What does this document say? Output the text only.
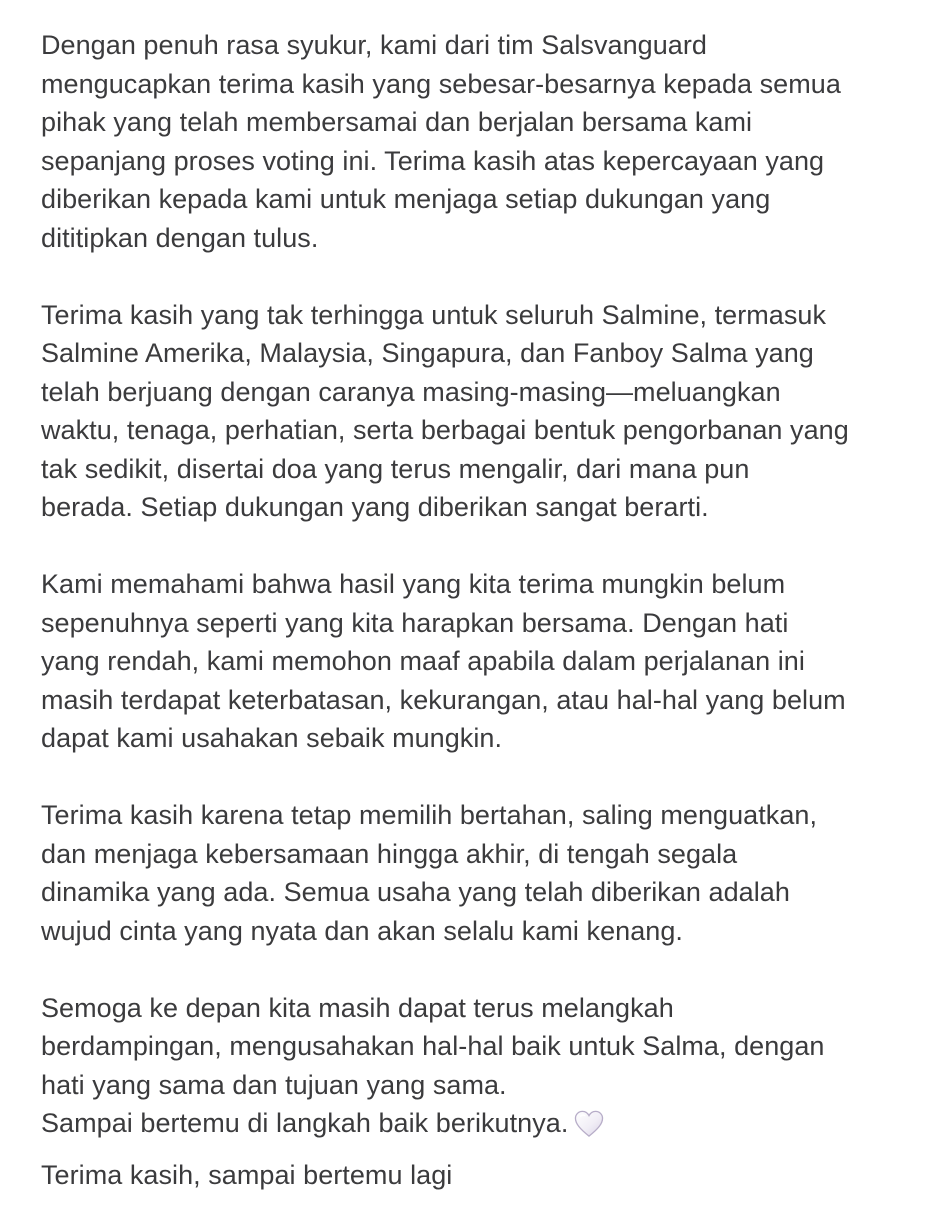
Dengan penuh rasa syukur, kami dari tim Salsvanguard
mengucapkan terima kasih yang sebesar-besarnya kepada semua
pihak yang telah membersamai dan berjalan bersama kami
sepanjang proses voting ini. Terima kasih atas kepercayaan yang
diberikan kepada kami untuk menjaga setiap dukungan yang
dititipkan dengan tulus.
Terima kasih yang tak terhingga untuk seluruh Salmine, termasuk
Salmine Amerika, Malaysia, Singapura, dan Fanboy Salma yang
telah berjuang dengan caranya masing-masing—meluangkan
waktu, tenaga, perhatian, serta berbagai bentuk pengorbanan yang
tak sedikit, disertai doa yang terus mengalir, dari mana pun
berada. Setiap dukungan yang diberikan sangat berarti.
Kami memahami bahwa hasil yang kita terima mungkin belum
sepenuhnya seperti yang kita harapkan bersama. Dengan hati
yang rendah, kami memohon maaf apabila dalam perjalanan ini
masih terdapat keterbatasan, kekurangan, atau hal-hal yang belum
dapat kami usahakan sebaik mungkin.
Terima kasih karena tetap memilih bertahan, saling menguatkan,
dan menjaga kebersamaan hingga akhir, di tengah segala
dinamika yang ada. Semua usaha yang telah diberikan adalah
wujud cinta yang nyata dan akan selalu kami kenang.
Semoga ke depan kita masih dapat terus melangkah
berdampingan, mengusahakan hal-hal baik untuk Salma, dengan
hati yang sama dan tujuan yang sama.
Sampai bertemu di langkah baik berikutnya.
Terima kasih, sampai bertemu lagi
